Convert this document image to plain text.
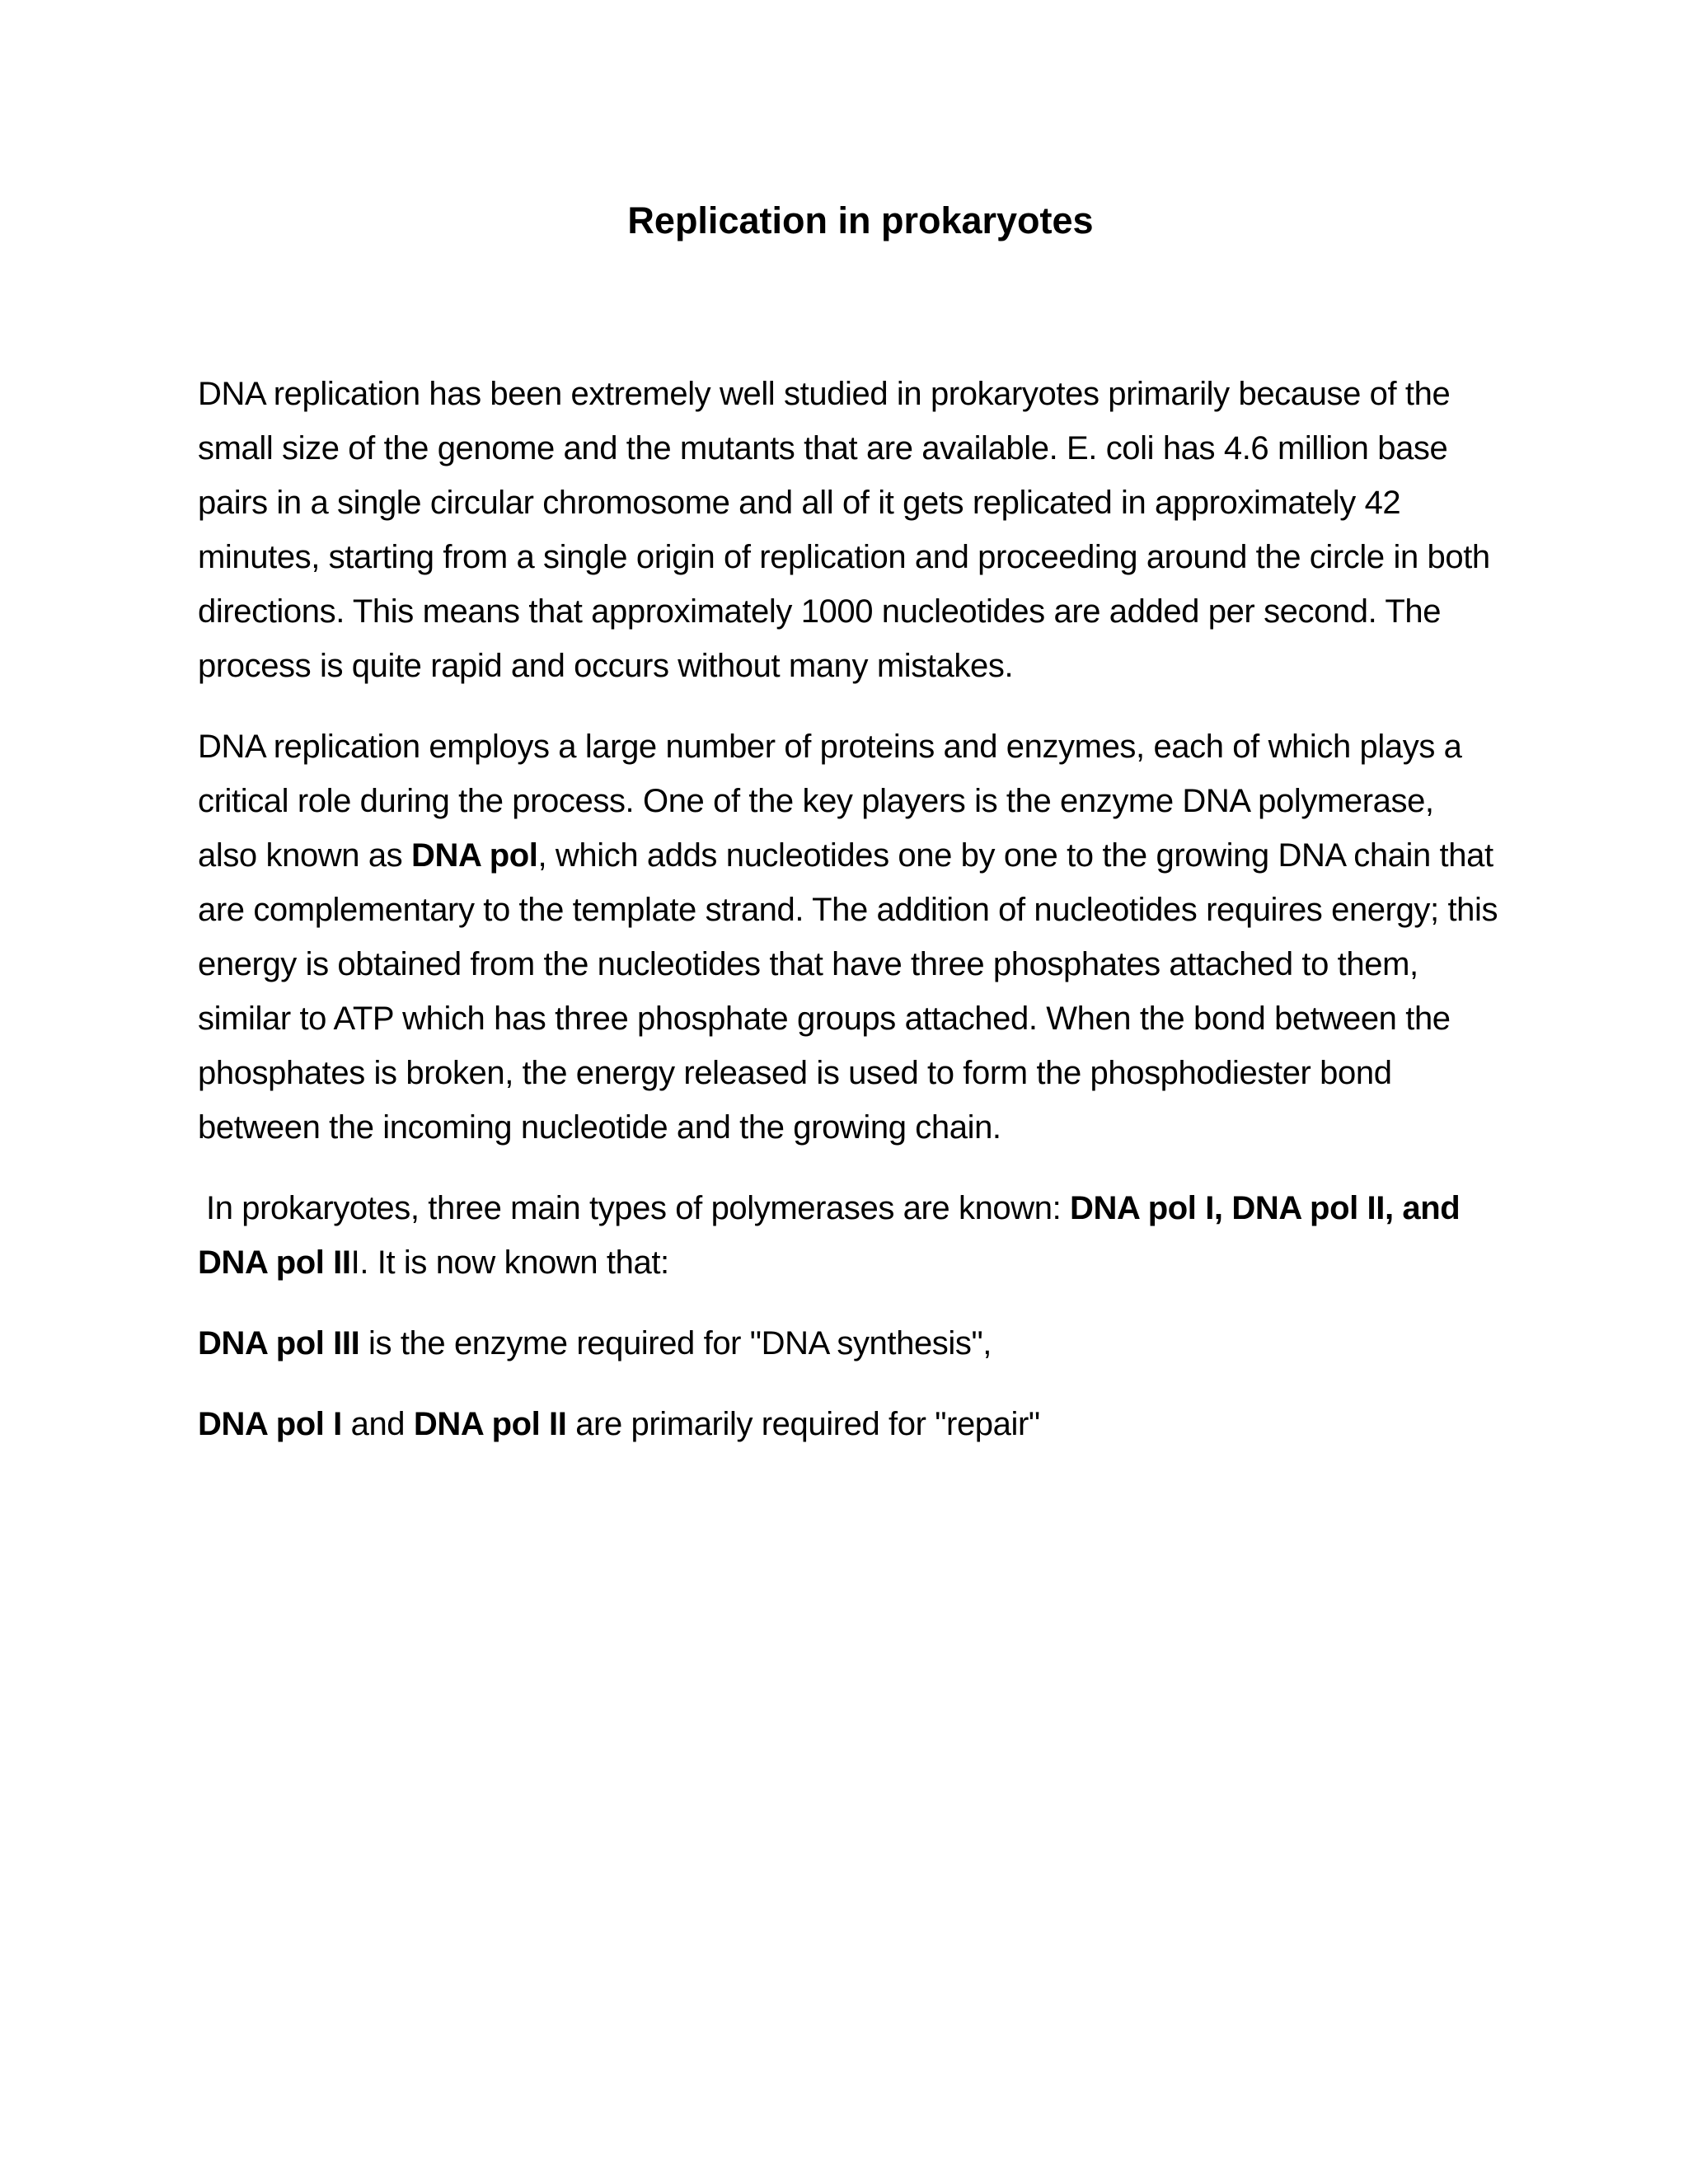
Replication in prokaryotes

DNA replication has been extremely well studied in prokaryotes primarily because of the small size of the genome and the mutants that are available. E. coli has 4.6 million base pairs in a single circular chromosome and all of it gets replicated in approximately 42 minutes, starting from a single origin of replication and proceeding around the circle in both directions. This means that approximately 1000 nucleotides are added per second. The process is quite rapid and occurs without many mistakes.

DNA replication employs a large number of proteins and enzymes, each of which plays a critical role during the process. One of the key players is the enzyme DNA polymerase, also known as DNA pol, which adds nucleotides one by one to the growing DNA chain that are complementary to the template strand. The addition of nucleotides requires energy; this energy is obtained from the nucleotides that have three phosphates attached to them, similar to ATP which has three phosphate groups attached. When the bond between the phosphates is broken, the energy released is used to form the phosphodiester bond between the incoming nucleotide and the growing chain.

In prokaryotes, three main types of polymerases are known: DNA pol I, DNA pol II, and DNA pol III. It is now known that:

DNA pol III is the enzyme required for "DNA synthesis",

DNA pol I and DNA pol II are primarily required for "repair"
